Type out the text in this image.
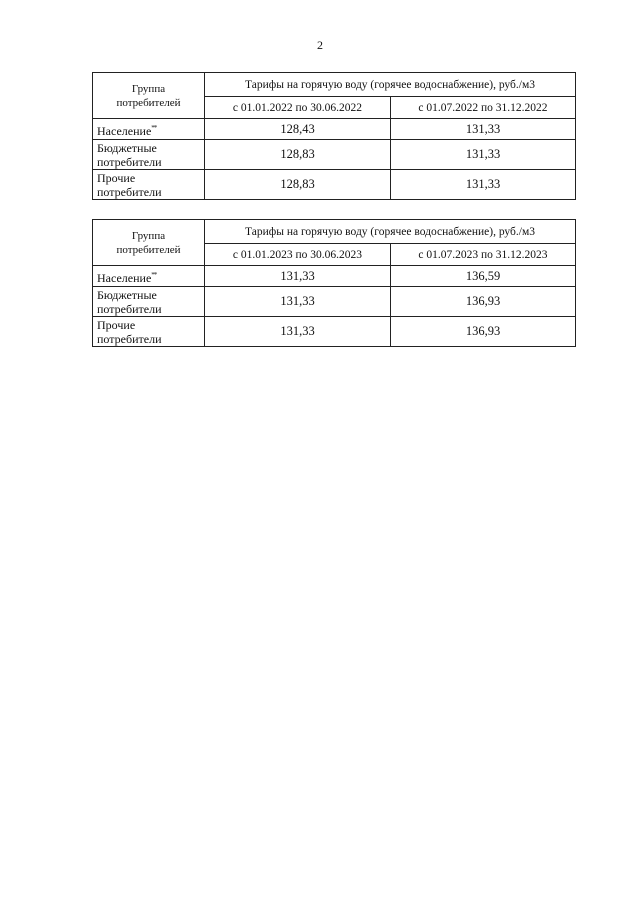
2
Группа
потребителей	Тарифы на горячую воду (горячее водоснабжение), руб./м3	
	с 01.01.2022 по 30.06.2022	с 01.07.2022 по 31.12.2022
Население**	128,43	131,33
Бюджетные
потребители	128,83	131,33
Прочие
потребители	128,83	131,33
Группа
потребителей	Тарифы на горячую воду (горячее водоснабжение), руб./м3	
	с 01.01.2023 по 30.06.2023	с 01.07.2023 по 31.12.2023
Население**	131,33	136,59
Бюджетные
потребители	131,33	136,93
Прочие
потребители	131,33	136,93
